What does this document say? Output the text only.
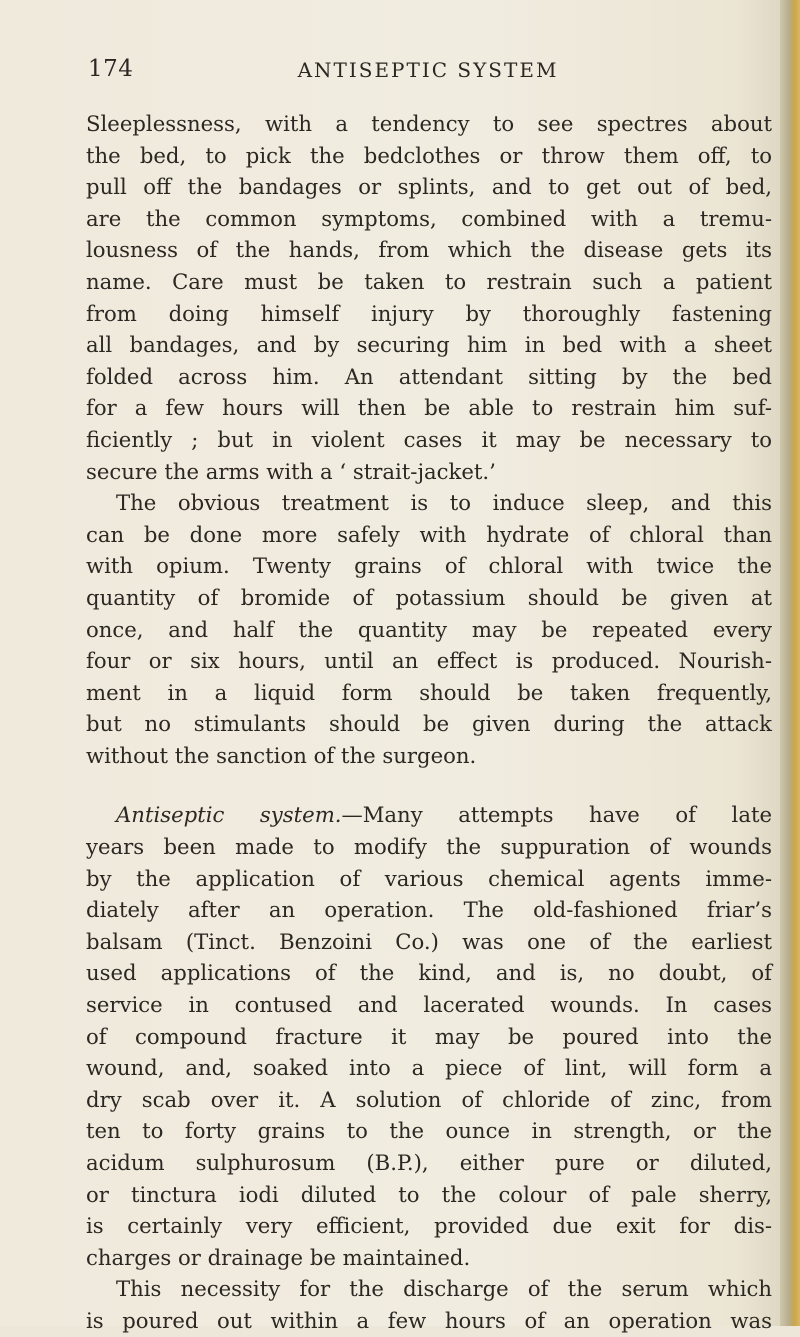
174	ANTISEPTIC SYSTEM
Sleeplessness, with a tendency to see spectres about
the bed, to pick the bedclothes or throw them off, to
pull off the bandages or splints, and to get out of bed,
are the common symptoms, combined with a tremu-
lousness of the hands, from which the disease gets its
name. Care must be taken to restrain such a patient
from doing himself injury by thoroughly fastening
all bandages, and by securing him in bed with a sheet
folded across him. An attendant sitting by the bed
for a few hours will then be able to restrain him suf-
ficiently ; but in violent cases it may be necessary to
secure the arms with a ‘ strait-jacket.’
The obvious treatment is to induce sleep, and this
can be done more safely with hydrate of chloral than
with opium. Twenty grains of chloral with twice the
quantity of bromide of potassium should be given at
once, and half the quantity may be repeated every
four or six hours, until an effect is produced. Nourish-
ment in a liquid form should be taken frequently,
but no stimulants should be given during the attack
without the sanction of the surgeon.
Antiseptic system.—Many attempts have of late
years been made to modify the suppuration of wounds
by the application of various chemical agents imme-
diately after an operation. The old-fashioned friar’s
balsam (Tinct. Benzoini Co.) was one of the earliest
used applications of the kind, and is, no doubt, of
service in contused and lacerated wounds. In cases
of compound fracture it may be poured into the
wound, and, soaked into a piece of lint, will form a
dry scab over it. A solution of chloride of zinc, from
ten to forty grains to the ounce in strength, or the
acidum sulphurosum (B.P.), either pure or diluted,
or tinctura iodi diluted to the colour of pale sherry,
is certainly very efficient, provided due exit for dis-
charges or drainage be maintained.
This necessity for the discharge of the serum which
is poured out within a few hours of an operation was
